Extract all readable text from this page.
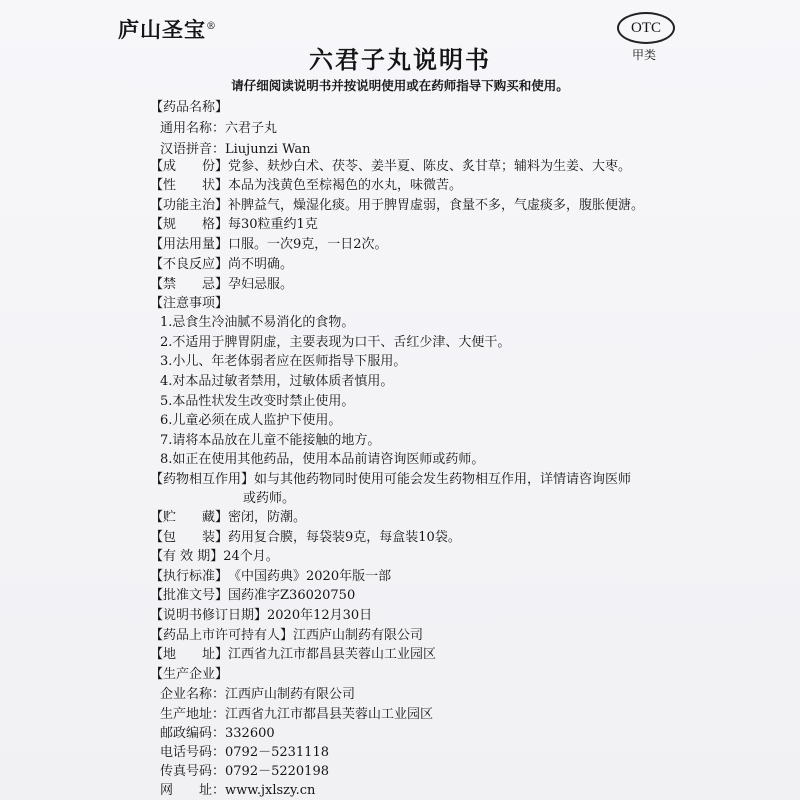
庐山圣宝®	OTC
甲类
六君子丸说明书
请仔细阅读说明书并按说明使用或在药师指导下购买和使用。
【药品名称】
通用名称：六君子丸
汉语拼音：Liujunzi Wan
【成　　份】党参、麸炒白术、茯苓、姜半夏、陈皮、炙甘草；辅料为生姜、大枣。
【性　　状】本品为浅黄色至棕褐色的水丸，味微苦。
【功能主治】补脾益气，燥湿化痰。用于脾胃虚弱，食量不多，气虚痰多，腹胀便溏。
【规　　格】每30粒重约1克
【用法用量】口服。一次9克，一日2次。
【不良反应】尚不明确。
【禁　　忌】孕妇忌服。
【注意事项】
1.忌食生冷油腻不易消化的食物。
2.不适用于脾胃阴虚，主要表现为口干、舌红少津、大便干。
3.小儿、年老体弱者应在医师指导下服用。
4.对本品过敏者禁用，过敏体质者慎用。
5.本品性状发生改变时禁止使用。
6.儿童必须在成人监护下使用。
7.请将本品放在儿童不能接触的地方。
8.如正在使用其他药品，使用本品前请咨询医师或药师。
【药物相互作用】如与其他药物同时使用可能会发生药物相互作用，详情请咨询医师
或药师。
【贮　　藏】密闭，防潮。
【包　　装】药用复合膜，每袋装9克，每盒装10袋。
【有 效 期】24个月。
【执行标准】《中国药典》2020年版一部
【批准文号】国药准字Z36020750
【说明书修订日期】2020年12月30日
【药品上市许可持有人】江西庐山制药有限公司
【地　　址】江西省九江市都昌县芙蓉山工业园区
【生产企业】
企业名称：江西庐山制药有限公司
生产地址：江西省九江市都昌县芙蓉山工业园区
邮政编码：332600
电话号码：0792－5231118
传真号码：0792－5220198
网　　址：www.jxlszy.cn
